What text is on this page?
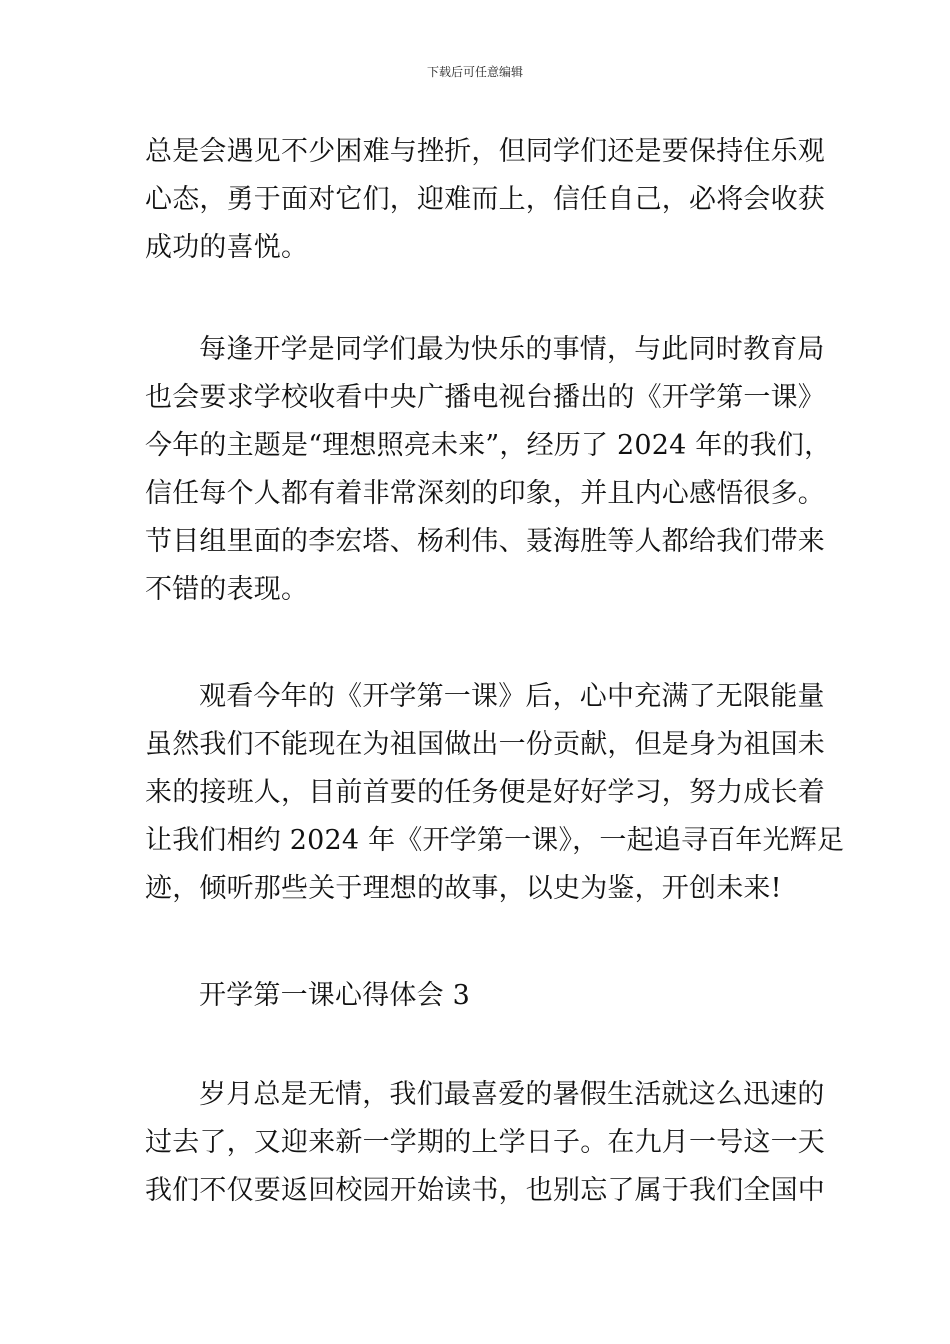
下载后可任意编辑
总是会遇见不少困难与挫折，但同学们还是要保持住乐观
心态，勇于面对它们，迎难而上，信任自己，必将会收获
成功的喜悦。
每逢开学是同学们最为快乐的事情，与此同时教育局
也会要求学校收看中央广播电视台播出的《开学第一课》
今年的主题是“理想照亮未来”，经历了 2024 年的我们，
信任每个人都有着非常深刻的印象，并且内心感悟很多。
节目组里面的李宏塔、杨利伟、聂海胜等人都给我们带来
不错的表现。
观看今年的《开学第一课》后，心中充满了无限能量
虽然我们不能现在为祖国做出一份贡献，但是身为祖国未
来的接班人，目前首要的任务便是好好学习，努力成长着
让我们相约 2024 年《开学第一课》，一起追寻百年光辉足
迹，倾听那些关于理想的故事，以史为鉴，开创未来!
开学第一课心得体会 3
岁月总是无情，我们最喜爱的暑假生活就这么迅速的
过去了，又迎来新一学期的上学日子。在九月一号这一天
我们不仅要返回校园开始读书，也别忘了属于我们全国中
